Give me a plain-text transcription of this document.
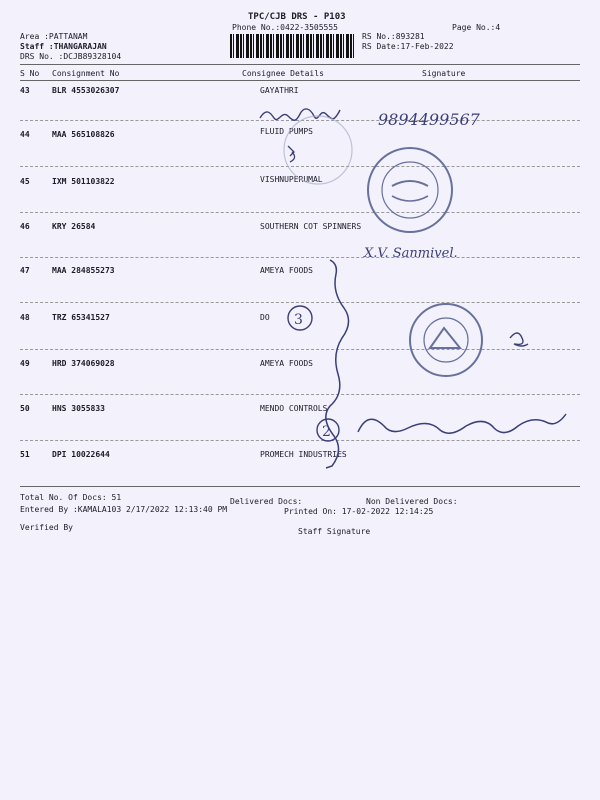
TPC/CJB DRS - P103
Phone No.:0422-3505555	Page No.:4
Area :PATTANAM
Staff :THANGARAJAN
DRS No. :DCJB89328104
RS No.:893281
RS Date:17-Feb-2022
S No Consignment No	Consignee Details	Signature
43	BLR 4553026307	GAYATHRI
44	MAA 565108826	FLUID PUMPS
45	IXM 501103822	VISHNUPERUMAL
46	KRY 26584	SOUTHERN COT SPINNERS
47	MAA 284855273	AMEYA FOODS
48	TRZ 65341527	DO
49	HRD 374069028	AMEYA FOODS
50	HNS 3055833	MENDO CONTROLS
51	DPI 10022644	PROMECH INDUSTRIES
Total No. Of Docs: 51	Delivered Docs:	Non Delivered Docs:
Entered By :KAMALA103 2/17/2022 12:13:40 PM	Printed On: 17-02-2022 12:14:25
Verified By	Staff Signature
9894499567
X.V. Sanmivel.
3
2
